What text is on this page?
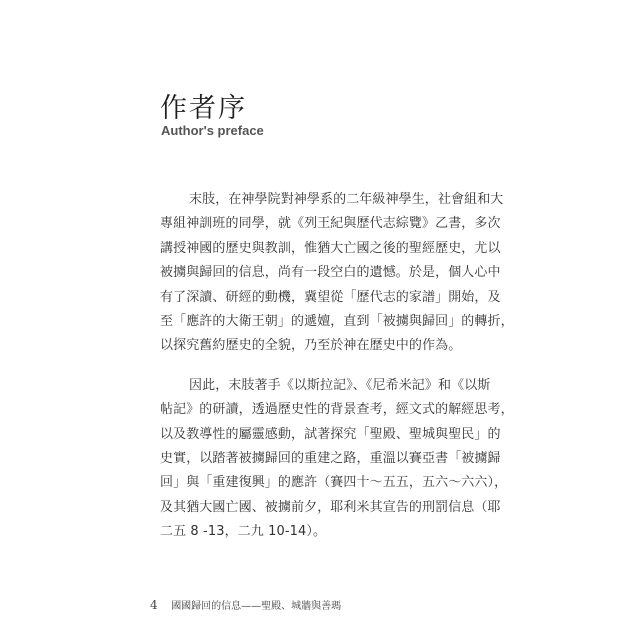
作者序
Author's preface

末肢，在神學院對神學系的二年級神學生，社會組和大
專組神訓班的同學，就《列王紀與歷代志綜覽》乙書，多次
講授神國的歷史與教訓，惟猶大亡國之後的聖經歷史，尤以
被擄與歸回的信息，尚有一段空白的遺憾。於是，個人心中
有了深讀、研經的動機，冀望從「歷代志的家譜」開始，及
至「應許的大衛王朝」的遞嬗，直到「被擄與歸回」的轉折，
以探究舊約歷史的全貌，乃至於神在歷史中的作為。

因此，末肢著手《以斯拉記》、《尼希米記》和《以斯
帖記》的研讀，透過歷史性的背景查考，經文式的解經思考，
以及教導性的屬靈感動，試著探究「聖殿、聖城與聖民」的
史實，以踏著被擄歸回的重建之路，重溫以賽亞書「被擄歸
回」與「重建復興」的應許（賽四十～五五，五六～六六），
及其猶大國亡國、被擄前夕，耶利米其宣告的刑罰信息（耶
二五 8 -13，二九 10-14）。

4 國國歸回的信息——聖殿、城牆與善瑪
